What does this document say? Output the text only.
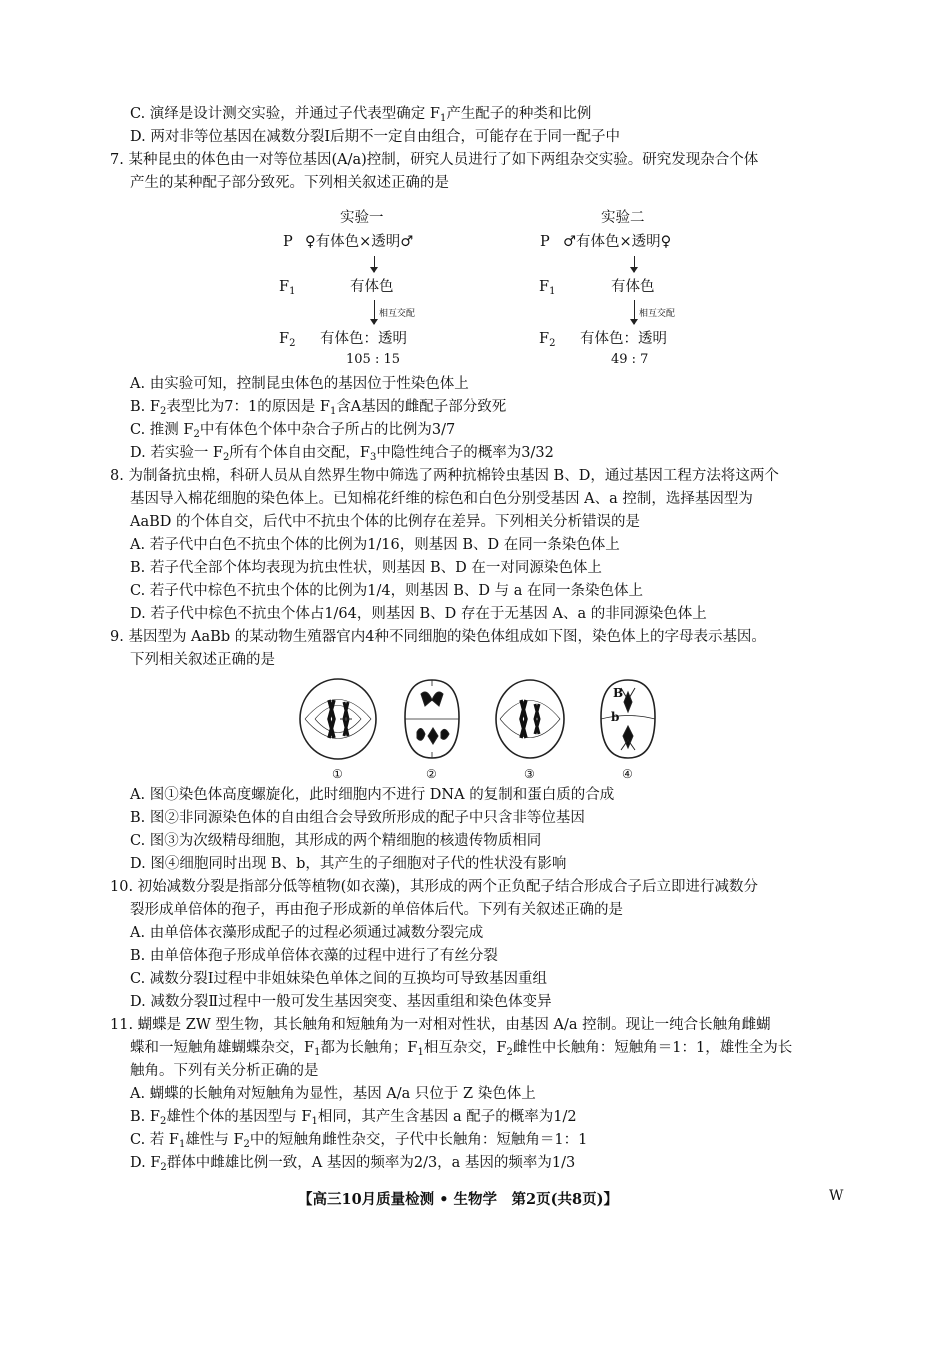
C. 演绎是设计测交实验，并通过子代表型确定 $F_1$产生配子的种类和比例
D. 两对非等位基因在减数分裂Ⅰ后期不一定自由组合，可能存在于同一配子中
7. 某种昆虫的体色由一对等位基因(A/a)控制，研究人员进行了如下两组杂交实验。研究发现杂合个体
产生的某种配子部分致死。下列相关叙述正确的是
实验一
P ♀有体色×透明♂
$F_1$	有体色
相互交配
$F_2$ 有体色：透明
105 : 15
实验二
P ♂有体色×透明♀
$F_1$	有体色
相互交配
$F_2$ 有体色：透明
49 : 7
A. 由实验可知，控制昆虫体色的基因位于性染色体上
B. $F_2$表型比为7：1的原因是 $F_1$含A基因的雌配子部分致死
C. 推测 $F_2$中有体色个体中杂合子所占的比例为3/7
D. 若实验一 $F_2$所有个体自由交配，$F_3$中隐性纯合子的概率为3/32
8. 为制备抗虫棉，科研人员从自然界生物中筛选了两种抗棉铃虫基因 B、D，通过基因工程方法将这两个
基因导入棉花细胞的染色体上。已知棉花纤维的棕色和白色分别受基因 A、a 控制，选择基因型为
AaBD 的个体自交，后代中不抗虫个体的比例存在差异。下列相关分析错误的是
A. 若子代中白色不抗虫个体的比例为1/16，则基因 B、D 在同一条染色体上
B. 若子代全部个体均表现为抗虫性状，则基因 B、D 在一对同源染色体上
C. 若子代中棕色不抗虫个体的比例为1/4，则基因 B、D 与 a 在同一条染色体上
D. 若子代中棕色不抗虫个体占1/64，则基因 B、D 存在于无基因 A、a 的非同源染色体上
9. 基因型为 AaBb 的某动物生殖器官内4种不同细胞的染色体组成如下图，染色体上的字母表示基因。
下列相关叙述正确的是
B
b
①	②	③	④
A. 图①染色体高度螺旋化，此时细胞内不进行 DNA 的复制和蛋白质的合成
B. 图②非同源染色体的自由组合会导致所形成的配子中只含非等位基因
C. 图③为次级精母细胞，其形成的两个精细胞的核遗传物质相同
D. 图④细胞同时出现 B、b，其产生的子细胞对子代的性状没有影响
10. 初始减数分裂是指部分低等植物(如衣藻)，其形成的两个正负配子结合形成合子后立即进行减数分
裂形成单倍体的孢子，再由孢子形成新的单倍体后代。下列有关叙述正确的是
A. 由单倍体衣藻形成配子的过程必须通过减数分裂完成
B. 由单倍体孢子形成单倍体衣藻的过程中进行了有丝分裂
C. 减数分裂Ⅰ过程中非姐妹染色单体之间的互换均可导致基因重组
D. 减数分裂Ⅱ过程中一般可发生基因突变、基因重组和染色体变异
11. 蝴蝶是 ZW 型生物，其长触角和短触角为一对相对性状，由基因 A/a 控制。现让一纯合长触角雌蝴
蝶和一短触角雄蝴蝶杂交，$F_1$都为长触角；$F_1$相互杂交，$F_2$雌性中长触角：短触角＝1：1，雄性全为长
触角。下列有关分析正确的是
A. 蝴蝶的长触角对短触角为显性，基因 A/a 只位于 Z 染色体上
B. $F_2$雄性个体的基因型与 $F_1$相同，其产生含基因 a 配子的概率为1/2
C. 若 $F_1$雄性与 $F_2$中的短触角雌性杂交，子代中长触角：短触角＝1：1
D. $F_2$群体中雌雄比例一致，A 基因的频率为2/3，a 基因的频率为1/3
【高三10月质量检测 • 生物学　第2页(共8页)】	W
